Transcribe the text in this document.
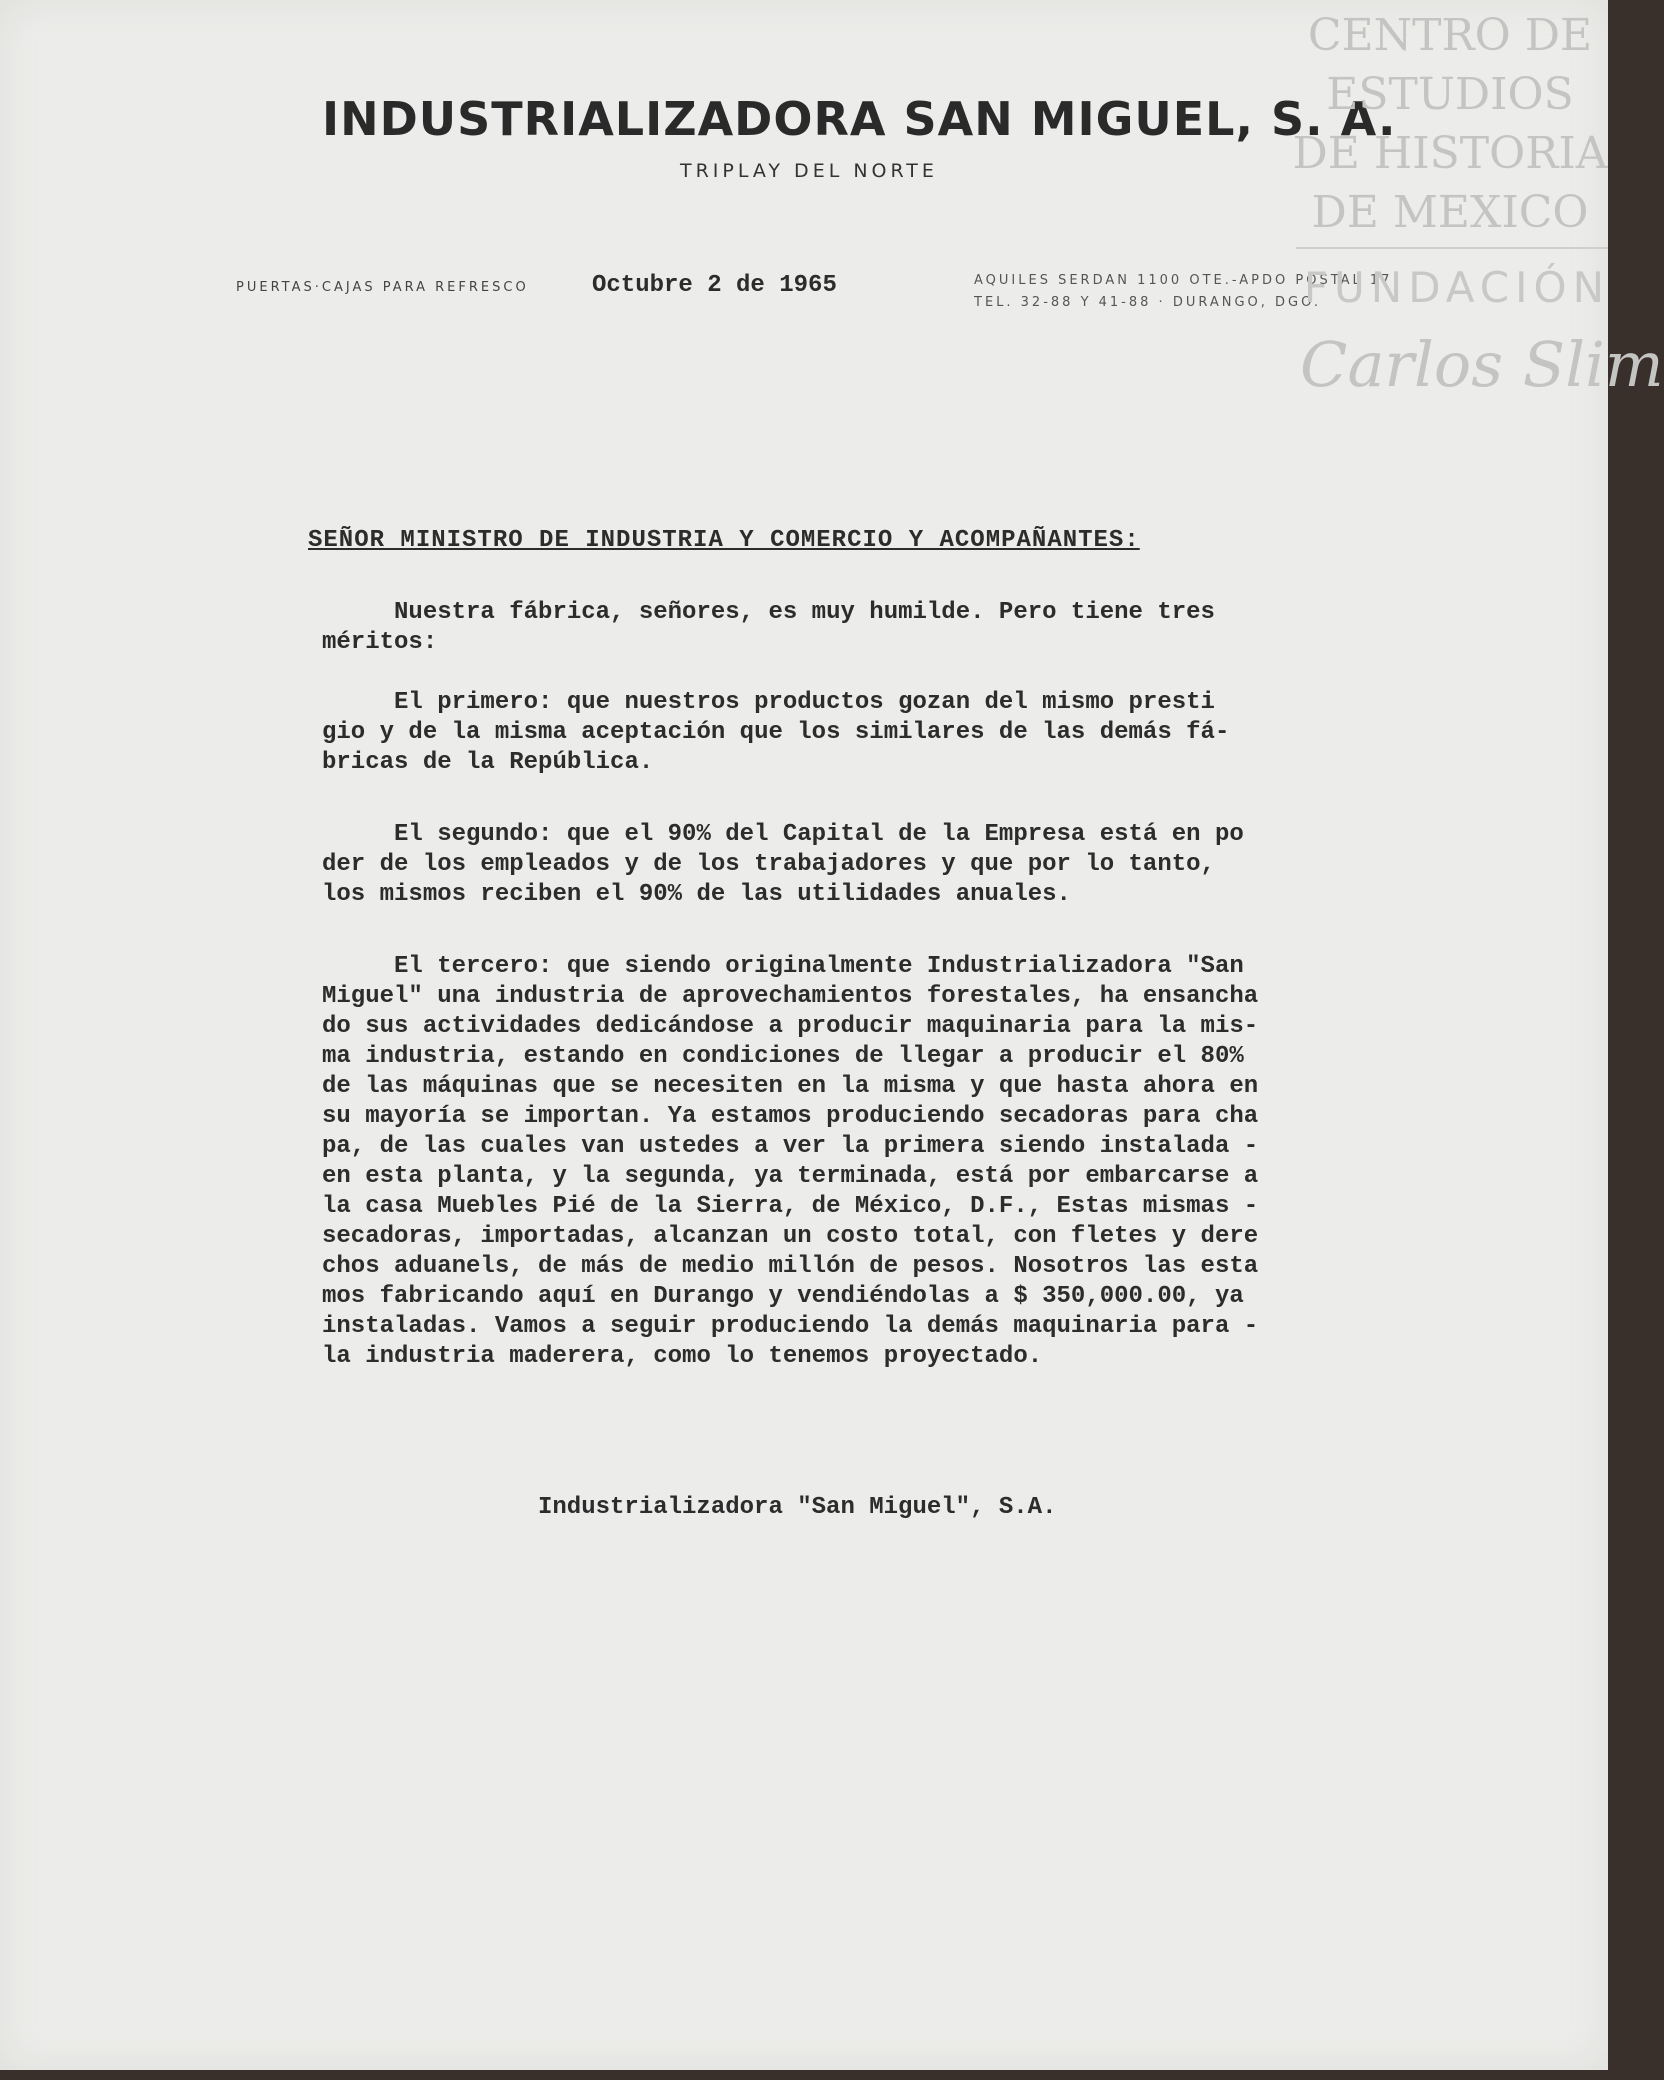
INDUSTRIALIZADORA SAN MIGUEL, S. A.
TRIPLAY DEL NORTE
PUERTAS·CAJAS PARA REFRESCO	Octubre 2 de 1965	AQUILES SERDAN 1100 OTE.-APDO POSTAL 17
TEL. 32-88 Y 41-88 · DURANGO, DGO.
CENTRO DE
ESTUDIOS
DE HISTORIA
DE MEXICO
FUNDACIÓN
Carlos Slim
SEÑOR MINISTRO DE INDUSTRIA Y COMERCIO Y ACOMPAÑANTES:
Nuestra fábrica, señores, es muy humilde. Pero tiene tres
méritos:
El primero: que nuestros productos gozan del mismo presti
gio y de la misma aceptación que los similares de las demás fá-
bricas de la República.
El segundo: que el 90% del Capital de la Empresa está en po
der de los empleados y de los trabajadores y que por lo tanto,
los mismos reciben el 90% de las utilidades anuales.
El tercero: que siendo originalmente Industrializadora "San
Miguel" una industria de aprovechamientos forestales, ha ensancha
do sus actividades dedicándose a producir maquinaria para la mis-
ma industria, estando en condiciones de llegar a producir el 80%
de las máquinas que se necesiten en la misma y que hasta ahora en
su mayoría se importan. Ya estamos produciendo secadoras para cha
pa, de las cuales van ustedes a ver la primera siendo instalada -
en esta planta, y la segunda, ya terminada, está por embarcarse a
la casa Muebles Pié de la Sierra, de México, D.F., Estas mismas -
secadoras, importadas, alcanzan un costo total, con fletes y dere
chos aduanels, de más de medio millón de pesos. Nosotros las esta
mos fabricando aquí en Durango y vendiéndolas a $ 350,000.00, ya
instaladas. Vamos a seguir produciendo la demás maquinaria para -
la industria maderera, como lo tenemos proyectado.
Industrializadora "San Miguel", S.A.
